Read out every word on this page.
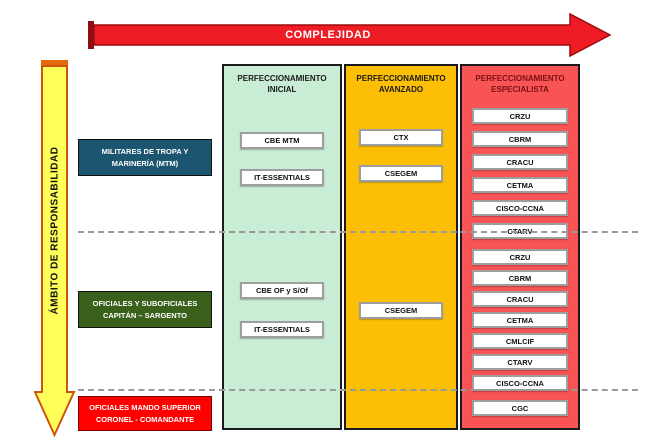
COMPLEJIDAD
ÁMBITO DE RESPONSABILIDAD
PERFECCIONAMIENTO
INICIAL
CBE MTM
IT-ESSENTIALS
CBE OF y S/Of
IT-ESSENTIALS
PERFECCIONAMIENTO
AVANZADO
CTX
CSEGEM
CSEGEM
PERFECCIONAMIENTO
ESPECIALISTA
CRZU
CBRM
CRACU
CETMA
CISCO-CCNA
CTARV
CRZU
CBRM
CRACU
CETMA
CMLCIF
CTARV
CISCO-CCNA
CGC
MILITARES DE TROPA Y
MARINERÍA (MTM)
OFICIALES Y SUBOFICIALES
CAPITÁN – SARGENTO
OFICIALES MANDO SUPERIOR
CORONEL - COMANDANTE
